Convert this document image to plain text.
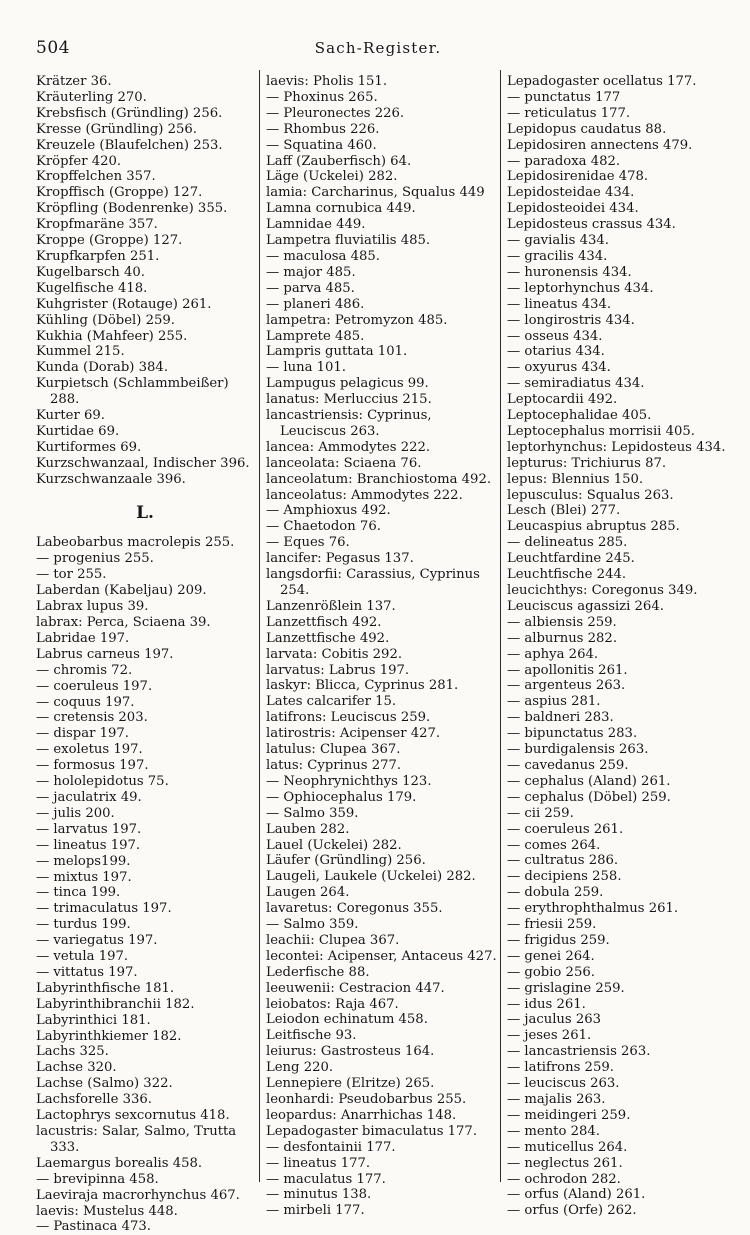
504	Sach-Register.
Krätzer 36.
Kräuterling 270.
Krebsfisch (Gründling) 256.
Kresse (Gründling) 256.
Kreuzele (Blaufelchen) 253.
Kröpfer 420.
Kropffelchen 357.
Kropffisch (Groppe) 127.
Kröpfling (Bodenrenke) 355.
Kropfmaräne 357.
Kroppe (Groppe) 127.
Krupfkarpfen 251.
Kugelbarsch 40.
Kugelfische 418.
Kuhgrister (Rotauge) 261.
Kühling (Döbel) 259.
Kukhia (Mahfeer) 255.
Kummel 215.
Kunda (Dorab) 384.
Kurpietsch (Schlammbeißer) 288.
Kurter 69.
Kurtidae 69.
Kurtiformes 69.
Kurzschwanzaal, Indischer 396.
Kurzschwanzaale 396.
L.
Labeobarbus macrolepis 255.
— progenius 255.
— tor 255.
Laberdan (Kabeljau) 209.
Labrax lupus 39.
labrax: Perca, Sciaena 39.
Labridae 197.
Labrus carneus 197.
— chromis 72.
— coeruleus 197.
— coquus 197.
— cretensis 203.
— dispar 197.
— exoletus 197.
— formosus 197.
— hololepidotus 75.
— jaculatrix 49.
— julis 200.
— larvatus 197.
— lineatus 197.
— melops199.
— mixtus 197.
— tinca 199.
— trimaculatus 197.
— turdus 199.
— variegatus 197.
— vetula 197.
— vittatus 197.
Labyrinthfische 181.
Labyrinthibranchii 182.
Labyrinthici 181.
Labyrinthkiemer 182.
Lachs 325.
Lachse 320.
Lachse (Salmo) 322.
Lachsforelle 336.
Lactophrys sexcornutus 418.
lacustris: Salar, Salmo, Trutta 333.
Laemargus borealis 458.
— brevipinna 458.
Laeviraja macrorhynchus 467.
laevis: Mustelus 448.
— Pastinaca 473.
laevis: Pholis 151.
— Phoxinus 265.
— Pleuronectes 226.
— Rhombus 226.
— Squatina 460.
Laff (Zauberfisch) 64.
Läge (Uckelei) 282.
lamia: Carcharinus, Squalus 449
Lamna cornubica 449.
Lamnidae 449.
Lampetra fluviatilis 485.
— maculosa 485.
— major 485.
— parva 485.
— planeri 486.
lampetra: Petromyzon 485.
Lamprete 485.
Lampris guttata 101.
— luna 101.
Lampugus pelagicus 99.
lanatus: Merluccius 215.
lancastriensis: Cyprinus, Leuciscus 263.
lancea: Ammodytes 222.
lanceolata: Sciaena 76.
lanceolatum: Branchiostoma 492.
lanceolatus: Ammodytes 222.
— Amphioxus 492.
— Chaetodon 76.
— Eques 76.
lancifer: Pegasus 137.
langsdorfii: Carassius, Cyprinus 254.
Lanzenrößlein 137.
Lanzettfisch 492.
Lanzettfische 492.
larvata: Cobitis 292.
larvatus: Labrus 197.
laskyr: Blicca, Cyprinus 281.
Lates calcarifer 15.
latifrons: Leuciscus 259.
latirostris: Acipenser 427.
latulus: Clupea 367.
latus: Cyprinus 277.
— Neophrynichthys 123.
— Ophiocephalus 179.
— Salmo 359.
Lauben 282.
Lauel (Uckelei) 282.
Läufer (Gründling) 256.
Laugeli, Laukele (Uckelei) 282.
Laugen 264.
lavaretus: Coregonus 355.
— Salmo 359.
leachii: Clupea 367.
lecontei: Acipenser, Antaceus 427.
Lederfische 88.
leeuwenii: Cestracion 447.
leiobatos: Raja 467.
Leiodon echinatum 458.
Leitfische 93.
leiurus: Gastrosteus 164.
Leng 220.
Lennepiere (Elritze) 265.
leonhardi: Pseudobarbus 255.
leopardus: Anarrhichas 148.
Lepadogaster bimaculatus 177.
— desfontainii 177.
— lineatus 177.
— maculatus 177.
— minutus 138.
— mirbeli 177.
Lepadogaster ocellatus 177.
— punctatus 177
— reticulatus 177.
Lepidopus caudatus 88.
Lepidosiren annectens 479.
— paradoxa 482.
Lepidosirenidae 478.
Lepidosteidae 434.
Lepidosteoidei 434.
Lepidosteus crassus 434.
— gavialis 434.
— gracilis 434.
— huronensis 434.
— leptorhynchus 434.
— lineatus 434.
— longirostris 434.
— osseus 434.
— otarius 434.
— oxyurus 434.
— semiradiatus 434.
Leptocardii 492.
Leptocephalidae 405.
Leptocephalus morrisii 405.
leptorhynchus: Lepidosteus 434.
lepturus: Trichiurus 87.
lepus: Blennius 150.
lepusculus: Squalus 263.
Lesch (Blei) 277.
Leucaspius abruptus 285.
— delineatus 285.
Leuchtfardine 245.
Leuchtfische 244.
leucichthys: Coregonus 349.
Leuciscus agassizi 264.
— albiensis 259.
— alburnus 282.
— aphya 264.
— apollonitis 261.
— argenteus 263.
— aspius 281.
— baldneri 283.
— bipunctatus 283.
— burdigalensis 263.
— cavedanus 259.
— cephalus (Aland) 261.
— cephalus (Döbel) 259.
— cii 259.
— coeruleus 261.
— comes 264.
— cultratus 286.
— decipiens 258.
— dobula 259.
— erythrophthalmus 261.
— friesii 259.
— frigidus 259.
— genei 264.
— gobio 256.
— grislagine 259.
— idus 261.
— jaculus 263
— jeses 261.
— lancastriensis 263.
— latifrons 259.
— leuciscus 263.
— majalis 263.
— meidingeri 259.
— mento 284.
— muticellus 264.
— neglectus 261.
— ochrodon 282.
— orfus (Aland) 261.
— orfus (Orfe) 262.
